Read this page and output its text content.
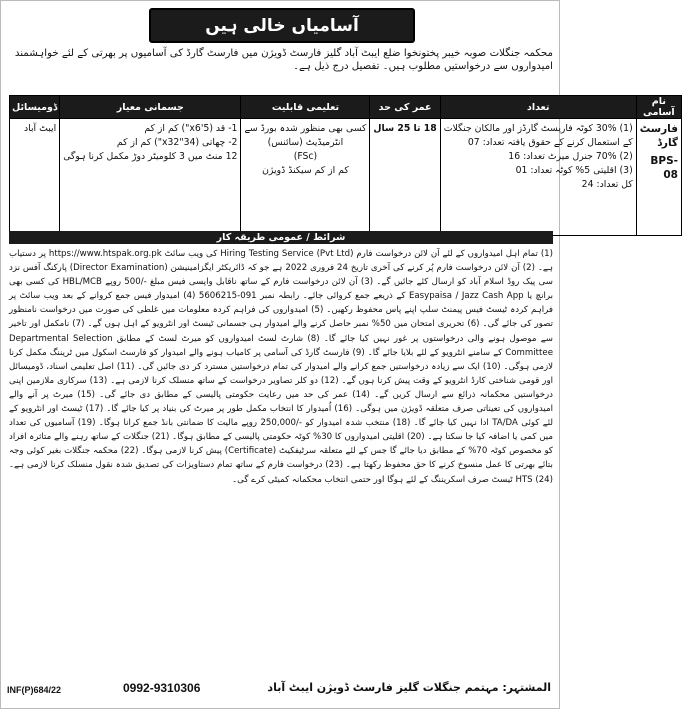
آسامیاں خالی ہیں
محکمہ جنگلات صوبہ خیبر پختونخوا ضلع ایبٹ آباد گلیز فارسٹ ڈویژن میں فارسٹ گارڈ کی آسامیوں پر بھرتی کے لئے خواہشمند امیدواروں سے درخواستیں مطلوب ہیں۔ تفصیل درج ذیل ہے۔
نام آسامی	تعداد	عمر کی حد	تعلیمی قابلیت	جسمانی معیار	ڈومیسائل

فارسٹ گارڈ
BPS-08	(1) 30% کوٹہ فاریسٹ گارڈز اور مالکان جنگلات
کے استعمال کرنے کے حقوق یافتہ تعداد: 07
(2) 70% جنرل میرٹ تعداد: 16
(3) اقلیتی 5% کوٹہ تعداد: 01
کل تعداد: 24	18 تا 25 سال	کسی بھی منظور شدہ بورڈ سے
انٹرمیڈیٹ (سائنس)
(FSc)
کم از کم سیکنڈ ڈویژن	1- قد (5'x6") کم از کم
2- چھاتی (34"x32") کم از کم
12 منٹ میں 3 کلومیٹر دوڑ مکمل کرنا ہوگی	ایبٹ آباد
شرائط / عمومی طریقہ کار
(1) تمام اہل امیدواروں کے لئے آن لائن درخواست فارم Hiring Testing Service (Pvt Ltd) کی ویب سائٹ https://www.htspak.org.pk پر دستیاب ہے۔ (2) آن لائن درخواست فارم پُر کرنے کی آخری تاریخ 24 فروری 2022 ہے جو کہ ڈائریکٹر ایگزامینیشن (Director Examination) پارکنگ آفس نزد سی پیک روڈ اسلام آباد کو ارسال کئے جائیں گے۔ (3) آن لائن درخواست فارم کے ساتھ ناقابل واپسی فیس مبلغ -/500 روپے HBL/MCB کی کسی بھی برانچ یا Easypaisa / Jazz Cash App کے ذریعے جمع کروائی جائے۔ رابطہ نمبر 091-5606215 (4) امیدوار فیس جمع کروانے کے بعد ویب سائٹ پر فراہم کردہ ٹیسٹ فیس پیمنٹ سلپ اپنے پاس محفوظ رکھیں۔ (5) امیدواروں کی فراہم کردہ معلومات میں غلطی کی صورت میں درخواست نامنظور تصور کی جائے گی۔ (6) تحریری امتحان میں 50% نمبر حاصل کرنے والے امیدوار ہی جسمانی ٹیسٹ اور انٹرویو کے اہل ہوں گے۔ (7) نامکمل اور تاخیر سے موصول ہونے والی درخواستوں پر غور نہیں کیا جائے گا۔ (8) شارٹ لسٹ امیدواروں کو میرٹ لسٹ کے مطابق Departmental Selection Committee کے سامنے انٹرویو کے لئے بلایا جائے گا۔ (9) فارسٹ گارڈ کی آسامی پر کامیاب ہونے والے امیدوار کو فارسٹ اسکول میں ٹریننگ مکمل کرنا لازمی ہوگی۔ (10) ایک سے زیادہ درخواستیں جمع کرانے والے امیدوار کی تمام درخواستیں مسترد کر دی جائیں گی۔ (11) اصل تعلیمی اسناد، ڈومیسائل اور قومی شناختی کارڈ انٹرویو کے وقت پیش کرنا ہوں گے۔ (12) دو کلر تصاویر درخواست کے ساتھ منسلک کرنا لازمی ہے۔ (13) سرکاری ملازمین اپنی درخواستیں محکمانہ ذرائع سے ارسال کریں گے۔ (14) عمر کی حد میں رعایت حکومتی پالیسی کے مطابق دی جائے گی۔ (15) میرٹ پر آنے والے امیدواروں کی تعیناتی صرف متعلقہ ڈویژن میں ہوگی۔ (16) اُمیدوار کا انتخاب مکمل طور پر میرٹ کی بنیاد پر کیا جائے گا۔ (17) ٹیسٹ اور انٹرویو کے لئے کوئی TA/DA ادا نہیں کیا جائے گا۔ (18) منتخب شدہ امیدوار کو -/250,000 روپے مالیت کا ضمانتی بانڈ جمع کرانا ہوگا۔ (19) آسامیوں کی تعداد میں کمی یا اضافہ کیا جا سکتا ہے۔ (20) اقلیتی امیدواروں کا 30% کوٹہ حکومتی پالیسی کے مطابق ہوگا۔ (21) جنگلات کے ساتھ رہنے والے متاثرہ افراد کو مخصوص کوٹہ 70% کے مطابق دیا جائے گا جس کے لئے متعلقہ سرٹیفکیٹ (Certificate) پیش کرنا لازمی ہوگا۔ (22) محکمہ جنگلات بغیر کوئی وجہ بتائے بھرتی کا عمل منسوخ کرنے کا حق محفوظ رکھتا ہے۔ (23) درخواست فارم کے ساتھ تمام دستاویزات کی تصدیق شدہ نقول منسلک کرنا لازمی ہے۔ (24) HTS ٹیسٹ صرف اسکریننگ کے لئے ہوگا اور حتمی انتخاب محکمانہ کمیٹی کرے گی۔
INF(P)684/22	0992-9310306	المشتہر: مہتمم جنگلات گلیز فارسٹ ڈویژن ایبٹ آباد
